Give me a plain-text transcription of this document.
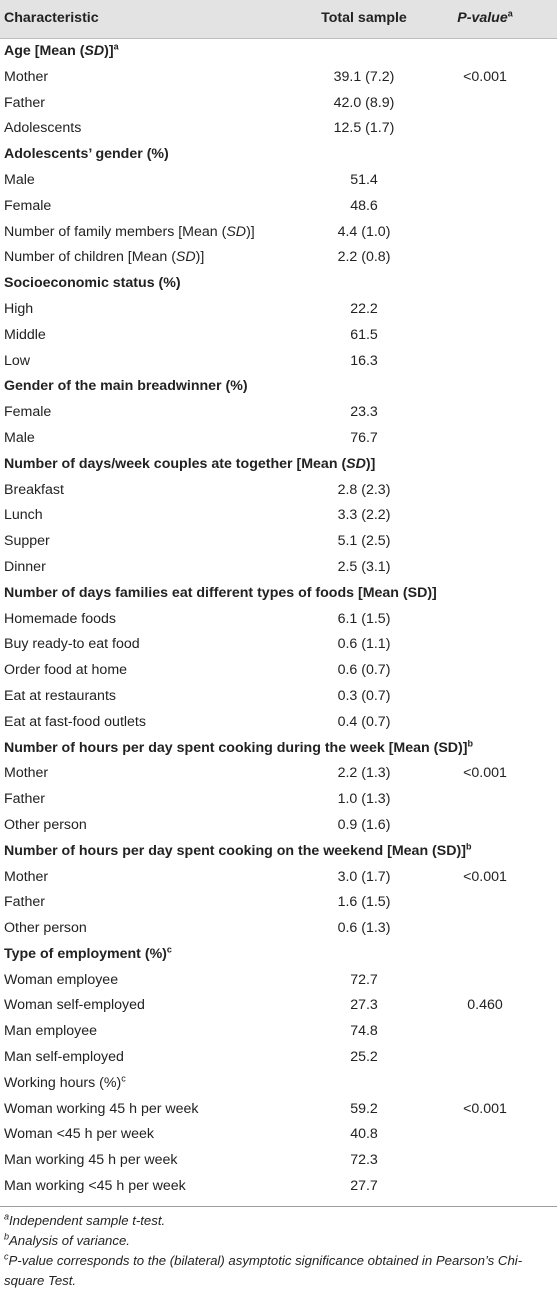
Characteristic	Total sample	P-value$^a$
Age [Mean (SD)]$^a$
Mother	39.1 (7.2)	<0.001
Father	42.0 (8.9)
Adolescents	12.5 (1.7)
Adolescents’ gender (%)
Male	51.4
Female	48.6
Number of family members [Mean (SD)]	4.4 (1.0)
Number of children [Mean (SD)]	2.2 (0.8)
Socioeconomic status (%)
High	22.2
Middle	61.5
Low	16.3
Gender of the main breadwinner (%)
Female	23.3
Male	76.7
Number of days/week couples ate together [Mean (SD)]
Breakfast	2.8 (2.3)
Lunch	3.3 (2.2)
Supper	5.1 (2.5)
Dinner	2.5 (3.1)
Number of days families eat different types of foods [Mean (SD)]
Homemade foods	6.1 (1.5)
Buy ready-to eat food	0.6 (1.1)
Order food at home	0.6 (0.7)
Eat at restaurants	0.3 (0.7)
Eat at fast-food outlets	0.4 (0.7)
Number of hours per day spent cooking during the week [Mean (SD)]$^b$
Mother	2.2 (1.3)	<0.001
Father	1.0 (1.3)
Other person	0.9 (1.6)
Number of hours per day spent cooking on the weekend [Mean (SD)]$^b$
Mother	3.0 (1.7)	<0.001
Father	1.6 (1.5)
Other person	0.6 (1.3)
Type of employment (%)$^c$
Woman employee	72.7
Woman self-employed	27.3	0.460
Man employee	74.8
Man self-employed	25.2
Working hours (%)$^c$
Woman working 45 h per week	59.2	<0.001
Woman <45 h per week	40.8
Man working 45 h per week	72.3
Man working <45 h per week	27.7
$^a$Independent sample t-test.
$^b$Analysis of variance.
$^c$P-value corresponds to the (bilateral) asymptotic significance obtained in Pearson’s Chi-square Test.
